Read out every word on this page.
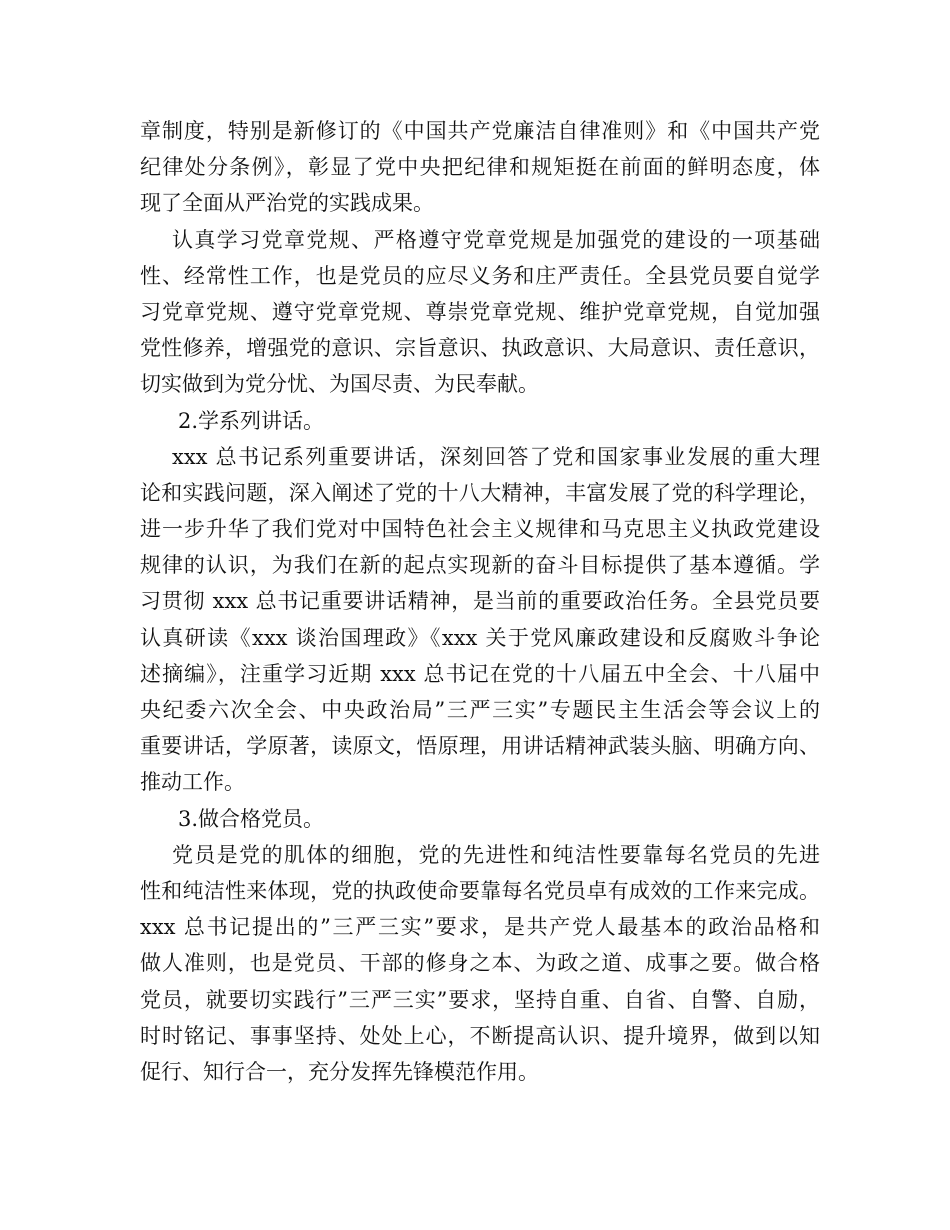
章制度，特别是新修订的《中国共产党廉洁自律准则》和《中国共产党
纪律处分条例》，彰显了党中央把纪律和规矩挺在前面的鲜明态度，体
现了全面从严治党的实践成果。
认真学习党章党规、严格遵守党章党规是加强党的建设的一项基础
性、经常性工作，也是党员的应尽义务和庄严责任。全县党员要自觉学
习党章党规、遵守党章党规、尊崇党章党规、维护党章党规，自觉加强
党性修养，增强党的意识、宗旨意识、执政意识、大局意识、责任意识，
切实做到为党分忧、为国尽责、为民奉献。
2.学系列讲话。
xxx 总书记系列重要讲话，深刻回答了党和国家事业发展的重大理
论和实践问题，深入阐述了党的十八大精神，丰富发展了党的科学理论，
进一步升华了我们党对中国特色社会主义规律和马克思主义执政党建设
规律的认识，为我们在新的起点实现新的奋斗目标提供了基本遵循。学
习贯彻 xxx 总书记重要讲话精神，是当前的重要政治任务。全县党员要
认真研读《xxx 谈治国理政》《xxx 关于党风廉政建设和反腐败斗争论
述摘编》，注重学习近期 xxx 总书记在党的十八届五中全会、十八届中
央纪委六次全会、中央政治局”三严三实”专题民主生活会等会议上的
重要讲话，学原著，读原文，悟原理，用讲话精神武装头脑、明确方向、
推动工作。
3.做合格党员。
党员是党的肌体的细胞，党的先进性和纯洁性要靠每名党员的先进
性和纯洁性来体现，党的执政使命要靠每名党员卓有成效的工作来完成。
xxx 总书记提出的”三严三实”要求，是共产党人最基本的政治品格和
做人准则，也是党员、干部的修身之本、为政之道、成事之要。做合格
党员，就要切实践行”三严三实”要求，坚持自重、自省、自警、自励，
时时铭记、事事坚持、处处上心，不断提高认识、提升境界，做到以知
促行、知行合一，充分发挥先锋模范作用。
